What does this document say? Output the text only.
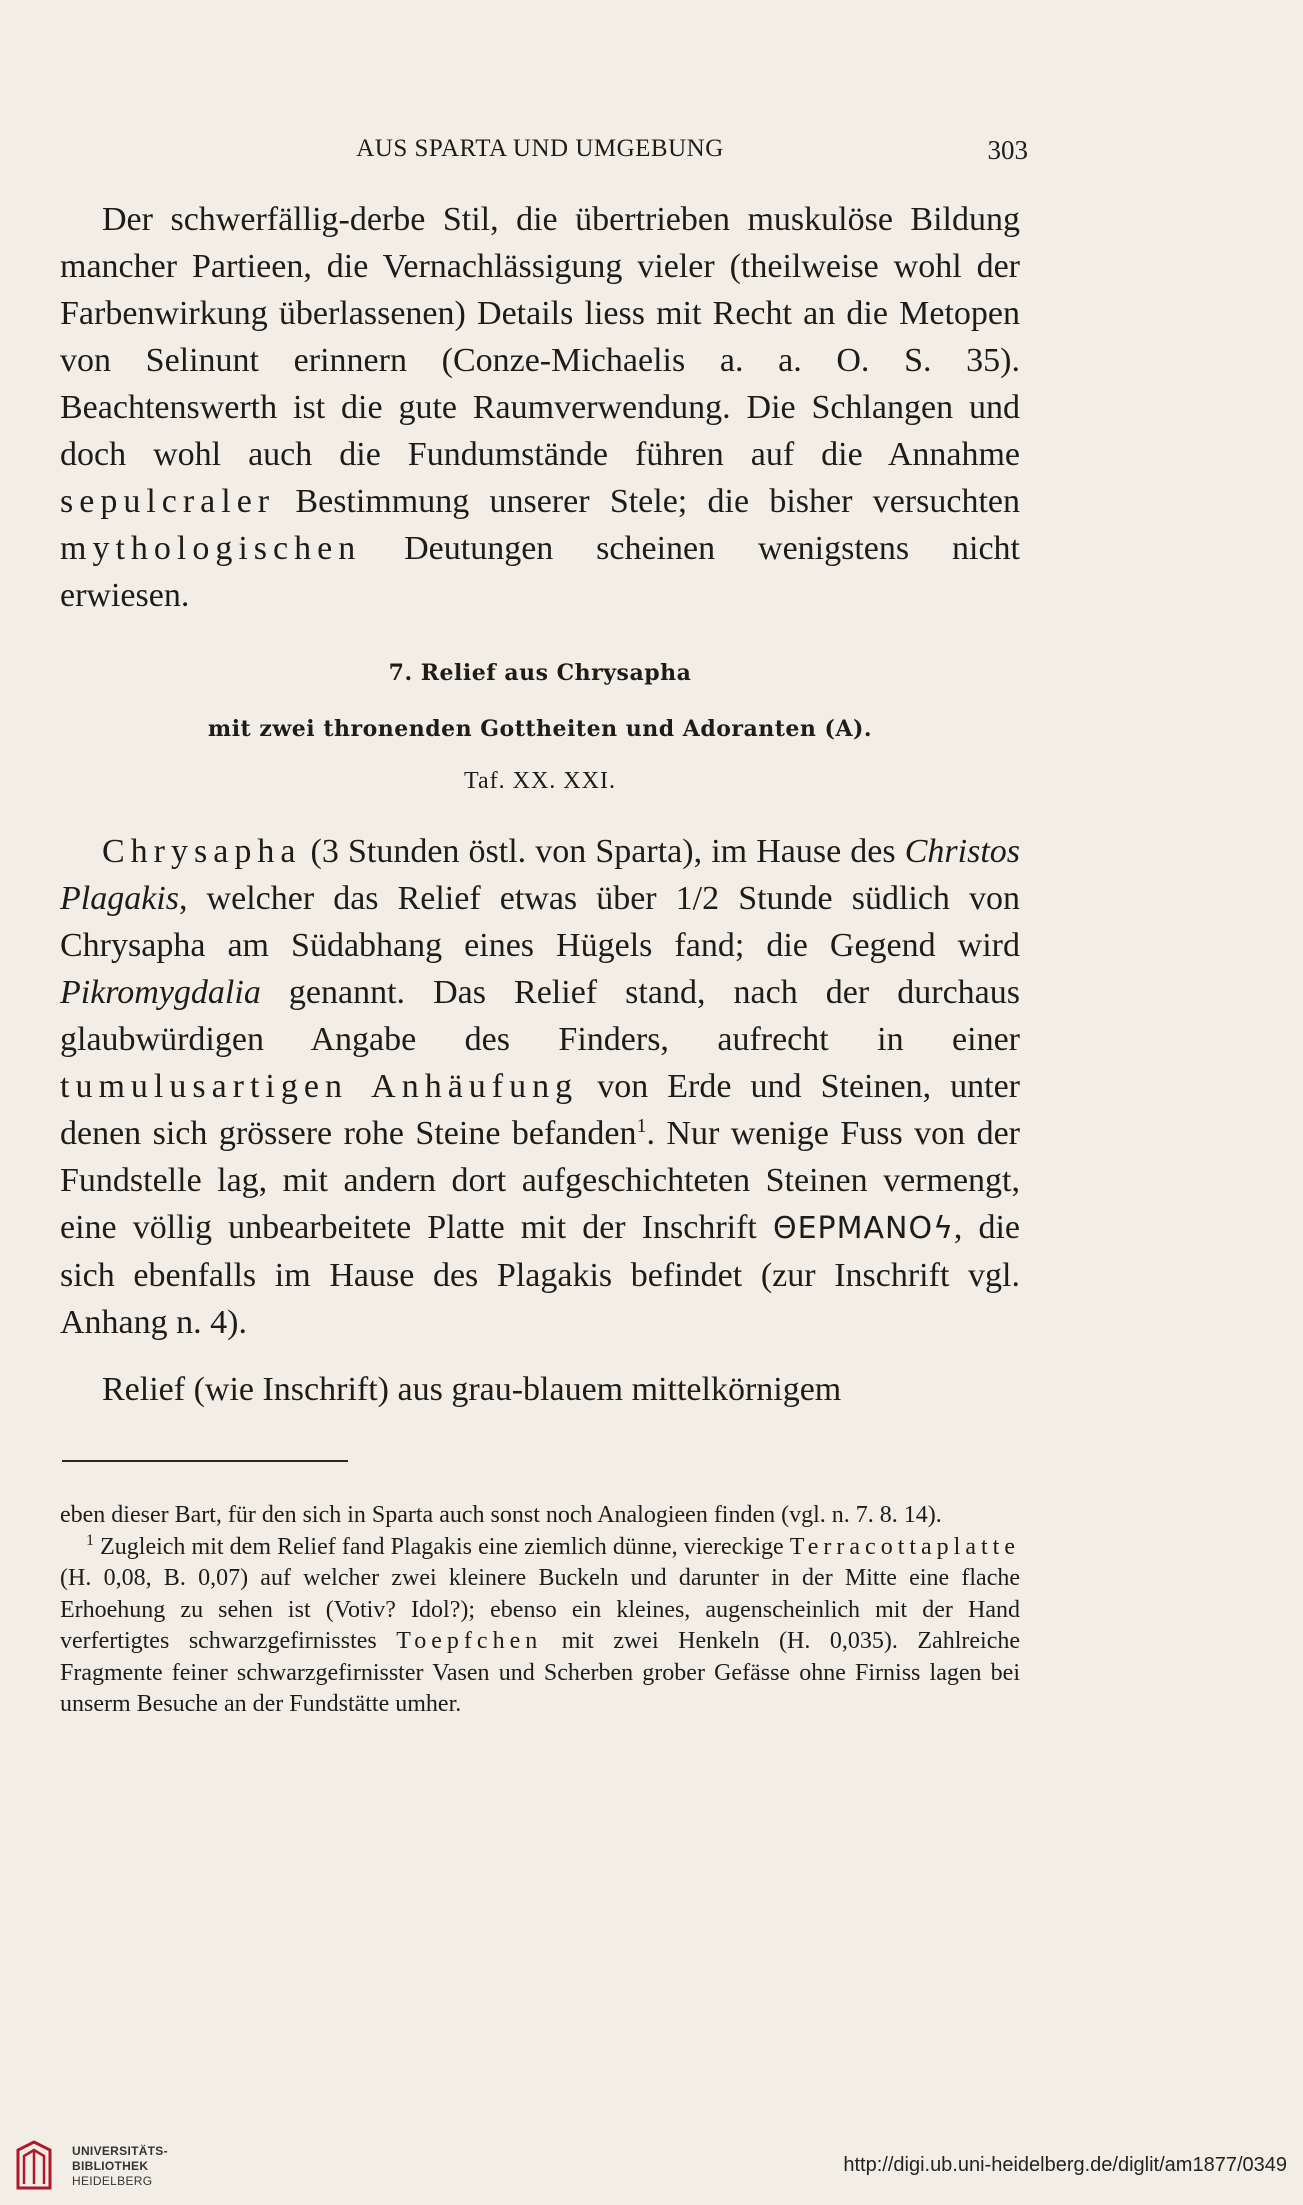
AUS SPARTA UND UMGEBUNG	303

Der schwerfällig-derbe Stil, die übertrieben muskulöse Bildung mancher Partieen, die Vernachlässigung vieler (theilweise wohl der Farbenwirkung überlassenen) Details liess mit Recht an die Metopen von Selinunt erinnern (Conze-Michaelis a. a. O. S. 35). Beachtenswerth ist die gute Raumverwendung. Die Schlangen und doch wohl auch die Fundumstände führen auf die Annahme sepulcraler Bestimmung unserer Stele; die bisher versuchten mythologischen Deutungen scheinen wenigstens nicht erwiesen.

7. Relief aus Chrysapha
mit zwei thronenden Gottheiten und Adoranten (A).
Taf. XX. XXI.

Chrysapha (3 Stunden östl. von Sparta), im Hause des Christos Plagakis, welcher das Relief etwas über 1/2 Stunde südlich von Chrysapha am Südabhang eines Hügels fand; die Gegend wird Pikromygdalia genannt. Das Relief stand, nach der durchaus glaubwürdigen Angabe des Finders, aufrecht in einer tumulusartigen Anhäufung von Erde und Steinen, unter denen sich grössere rohe Steine befanden$^1$. Nur wenige Fuss von der Fundstelle lag, mit andern dort aufgeschichteten Steinen vermengt, eine völlig unbearbeitete Platte mit der Inschrift ΘΕΡΜΑΝΟϟ, die sich ebenfalls im Hause des Plagakis befindet (zur Inschrift vgl. Anhang n. 4).

Relief (wie Inschrift) aus grau-blauem mittelkörnigem

eben dieser Bart, für den sich in Sparta auch sonst noch Analogieen finden (vgl. n. 7. 8. 14).

$^1$ Zugleich mit dem Relief fand Plagakis eine ziemlich dünne, viereckige Terracottaplatte (H. 0,08, B. 0,07) auf welcher zwei kleinere Buckeln und darunter in der Mitte eine flache Erhoehung zu sehen ist (Votiv? Idol?); ebenso ein kleines, augenscheinlich mit der Hand verfertigtes schwarzgefirnisstes Toepfchen mit zwei Henkeln (H. 0,035). Zahlreiche Fragmente feiner schwarzgefirnisster Vasen und Scherben grober Gefässe ohne Firniss lagen bei unserm Besuche an der Fundstätte umher.

UNIVERSITÄTS-
BIBLIOTHEK
HEIDELBERG
http://digi.ub.uni-heidelberg.de/diglit/am1877/0349
